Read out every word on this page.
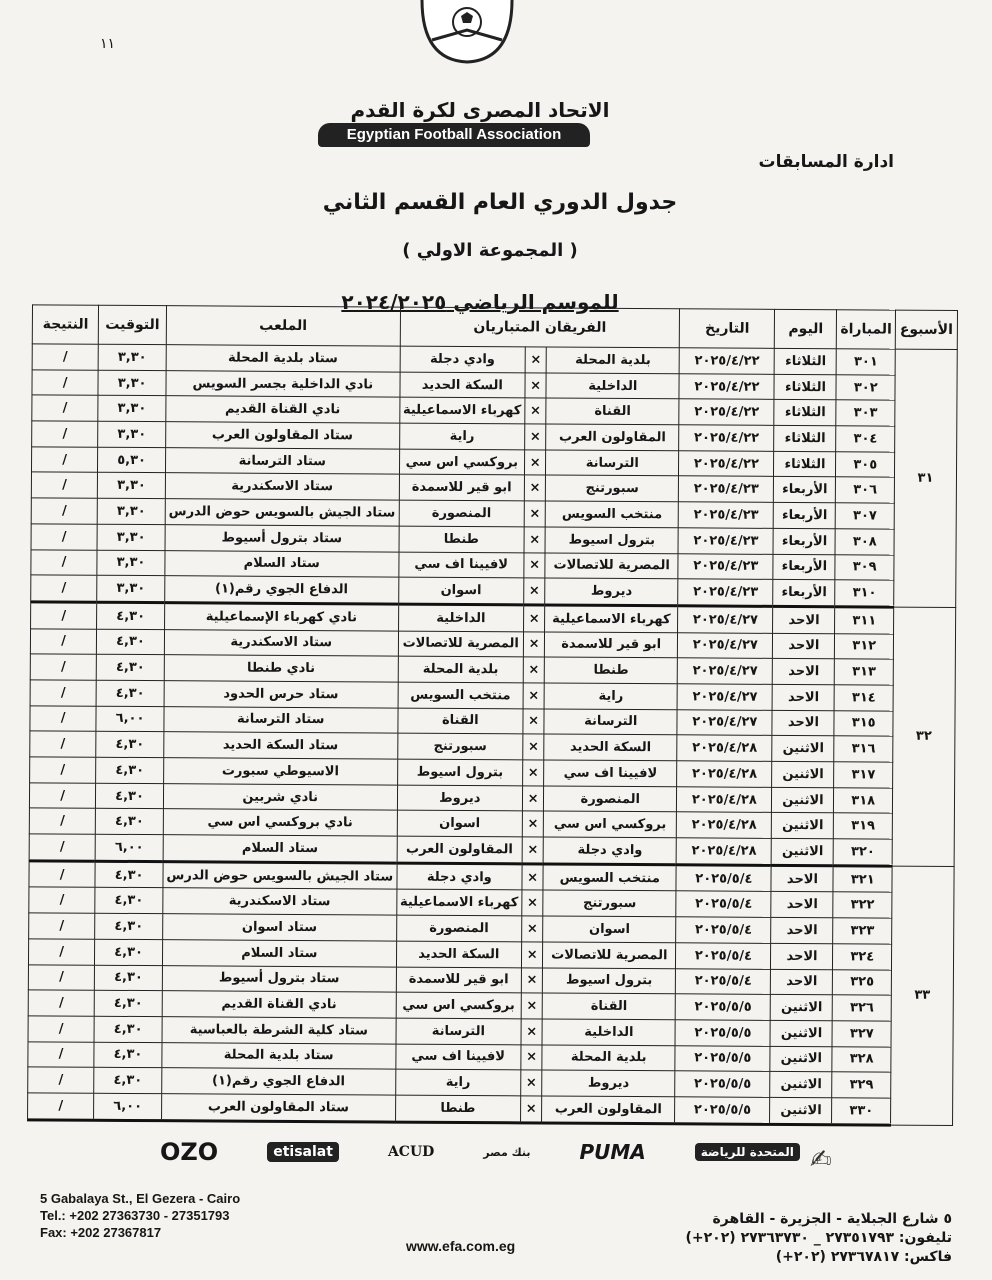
١١
الاتحاد المصرى لكرة القدم
Egyptian Football Association
ادارة المسابقات
جدول الدوري العام القسم الثاني
( المجموعة الاولي )
للموسم الرياضي ٢٠٢٤/٢٠٢٥
الأسبوع	المباراة	اليوم	التاريخ	الفريقان المتباريان			الملعب	التوقيت	النتيجة
٣١	٣٠١	الثلاثاء	٢٠٢٥/٤/٢٢	بلدية المحلة	×	وادي دجلة	ستاد بلدية المحلة	٣,٣٠	/
	٣٠٢	الثلاثاء	٢٠٢٥/٤/٢٢	الداخلية	×	السكة الحديد	نادي الداخلية بجسر السويس	٣,٣٠	/
	٣٠٣	الثلاثاء	٢٠٢٥/٤/٢٢	القناة	×	كهرباء الاسماعيلية	نادي القناة القديم	٣,٣٠	/
	٣٠٤	الثلاثاء	٢٠٢٥/٤/٢٢	المقاولون العرب	×	راية	ستاد المقاولون العرب	٣,٣٠	/
	٣٠٥	الثلاثاء	٢٠٢٥/٤/٢٢	الترسانة	×	بروكسي اس سي	ستاد الترسانة	٥,٣٠	/
	٣٠٦	الأربعاء	٢٠٢٥/٤/٢٣	سبورتنج	×	ابو قير للاسمدة	ستاد الاسكندرية	٣,٣٠	/
	٣٠٧	الأربعاء	٢٠٢٥/٤/٢٣	منتخب السويس	×	المنصورة	ستاد الجيش بالسويس حوض الدرس	٣,٣٠	/
	٣٠٨	الأربعاء	٢٠٢٥/٤/٢٣	بترول اسيوط	×	طنطا	ستاد بترول أسيوط	٣,٣٠	/
	٣٠٩	الأربعاء	٢٠٢٥/٤/٢٣	المصرية للاتصالات	×	لافيينا اف سي	ستاد السلام	٣,٣٠	/
	٣١٠	الأربعاء	٢٠٢٥/٤/٢٣	ديروط	×	اسوان	الدفاع الجوي رقم(١)	٣,٣٠	/
٣٢	٣١١	الاحد	٢٠٢٥/٤/٢٧	كهرباء الاسماعيلية	×	الداخلية	نادي كهرباء الإسماعيلية	٤,٣٠	/
	٣١٢	الاحد	٢٠٢٥/٤/٢٧	ابو قير للاسمدة	×	المصرية للاتصالات	ستاد الاسكندرية	٤,٣٠	/
	٣١٣	الاحد	٢٠٢٥/٤/٢٧	طنطا	×	بلدية المحلة	نادي طنطا	٤,٣٠	/
	٣١٤	الاحد	٢٠٢٥/٤/٢٧	راية	×	منتخب السويس	ستاد حرس الحدود	٤,٣٠	/
	٣١٥	الاحد	٢٠٢٥/٤/٢٧	الترسانة	×	القناة	ستاد الترسانة	٦,٠٠	/
	٣١٦	الاثنين	٢٠٢٥/٤/٢٨	السكة الحديد	×	سبورتنج	ستاد السكة الحديد	٤,٣٠	/
	٣١٧	الاثنين	٢٠٢٥/٤/٢٨	لافيينا اف سي	×	بترول اسيوط	الاسيوطي سبورت	٤,٣٠	/
	٣١٨	الاثنين	٢٠٢٥/٤/٢٨	المنصورة	×	ديروط	نادي شربين	٤,٣٠	/
	٣١٩	الاثنين	٢٠٢٥/٤/٢٨	بروكسي اس سي	×	اسوان	نادي بروكسي اس سي	٤,٣٠	/
	٣٢٠	الاثنين	٢٠٢٥/٤/٢٨	وادي دجلة	×	المقاولون العرب	ستاد السلام	٦,٠٠	/
٣٣	٣٢١	الاحد	٢٠٢٥/٥/٤	منتخب السويس	×	وادي دجلة	ستاد الجيش بالسويس حوض الدرس	٤,٣٠	/
	٣٢٢	الاحد	٢٠٢٥/٥/٤	سبورتنج	×	كهرباء الاسماعيلية	ستاد الاسكندرية	٤,٣٠	/
	٣٢٣	الاحد	٢٠٢٥/٥/٤	اسوان	×	المنصورة	ستاد اسوان	٤,٣٠	/
	٣٢٤	الاحد	٢٠٢٥/٥/٤	المصرية للاتصالات	×	السكة الحديد	ستاد السلام	٤,٣٠	/
	٣٢٥	الاحد	٢٠٢٥/٥/٤	بترول اسيوط	×	ابو قير للاسمدة	ستاد بترول أسيوط	٤,٣٠	/
	٣٢٦	الاثنين	٢٠٢٥/٥/٥	القناة	×	بروكسي اس سي	نادي القناة القديم	٤,٣٠	/
	٣٢٧	الاثنين	٢٠٢٥/٥/٥	الداخلية	×	الترسانة	ستاد كلية الشرطة بالعباسية	٤,٣٠	/
	٣٢٨	الاثنين	٢٠٢٥/٥/٥	بلدية المحلة	×	لافيينا اف سي	ستاد بلدية المحلة	٤,٣٠	/
	٣٢٩	الاثنين	٢٠٢٥/٥/٥	ديروط	×	راية	الدفاع الجوي رقم(١)	٤,٣٠	/
	٣٣٠	الاثنين	٢٠٢٥/٥/٥	المقاولون العرب	×	طنطا	ستاد المقاولون العرب	٦,٠٠	/
OZO	etisalat	ACUD	بنك مصر PUMA	المتحدة للرياضة ✍
5 Gabalaya St., El Gezera - Cairo
Tel.: +202 27363730 - 27351793
Fax: +202 27367817
٥ شارع الجبلاية - الجزيرة - القاهرة
تليفون: ٢٧٣٥١٧٩٣ _ ٢٧٣٦٣٧٣٠ (٢٠٢+)
فاكس: ٢٧٣٦٧٨١٧ (٢٠٢+)
www.efa.com.eg
